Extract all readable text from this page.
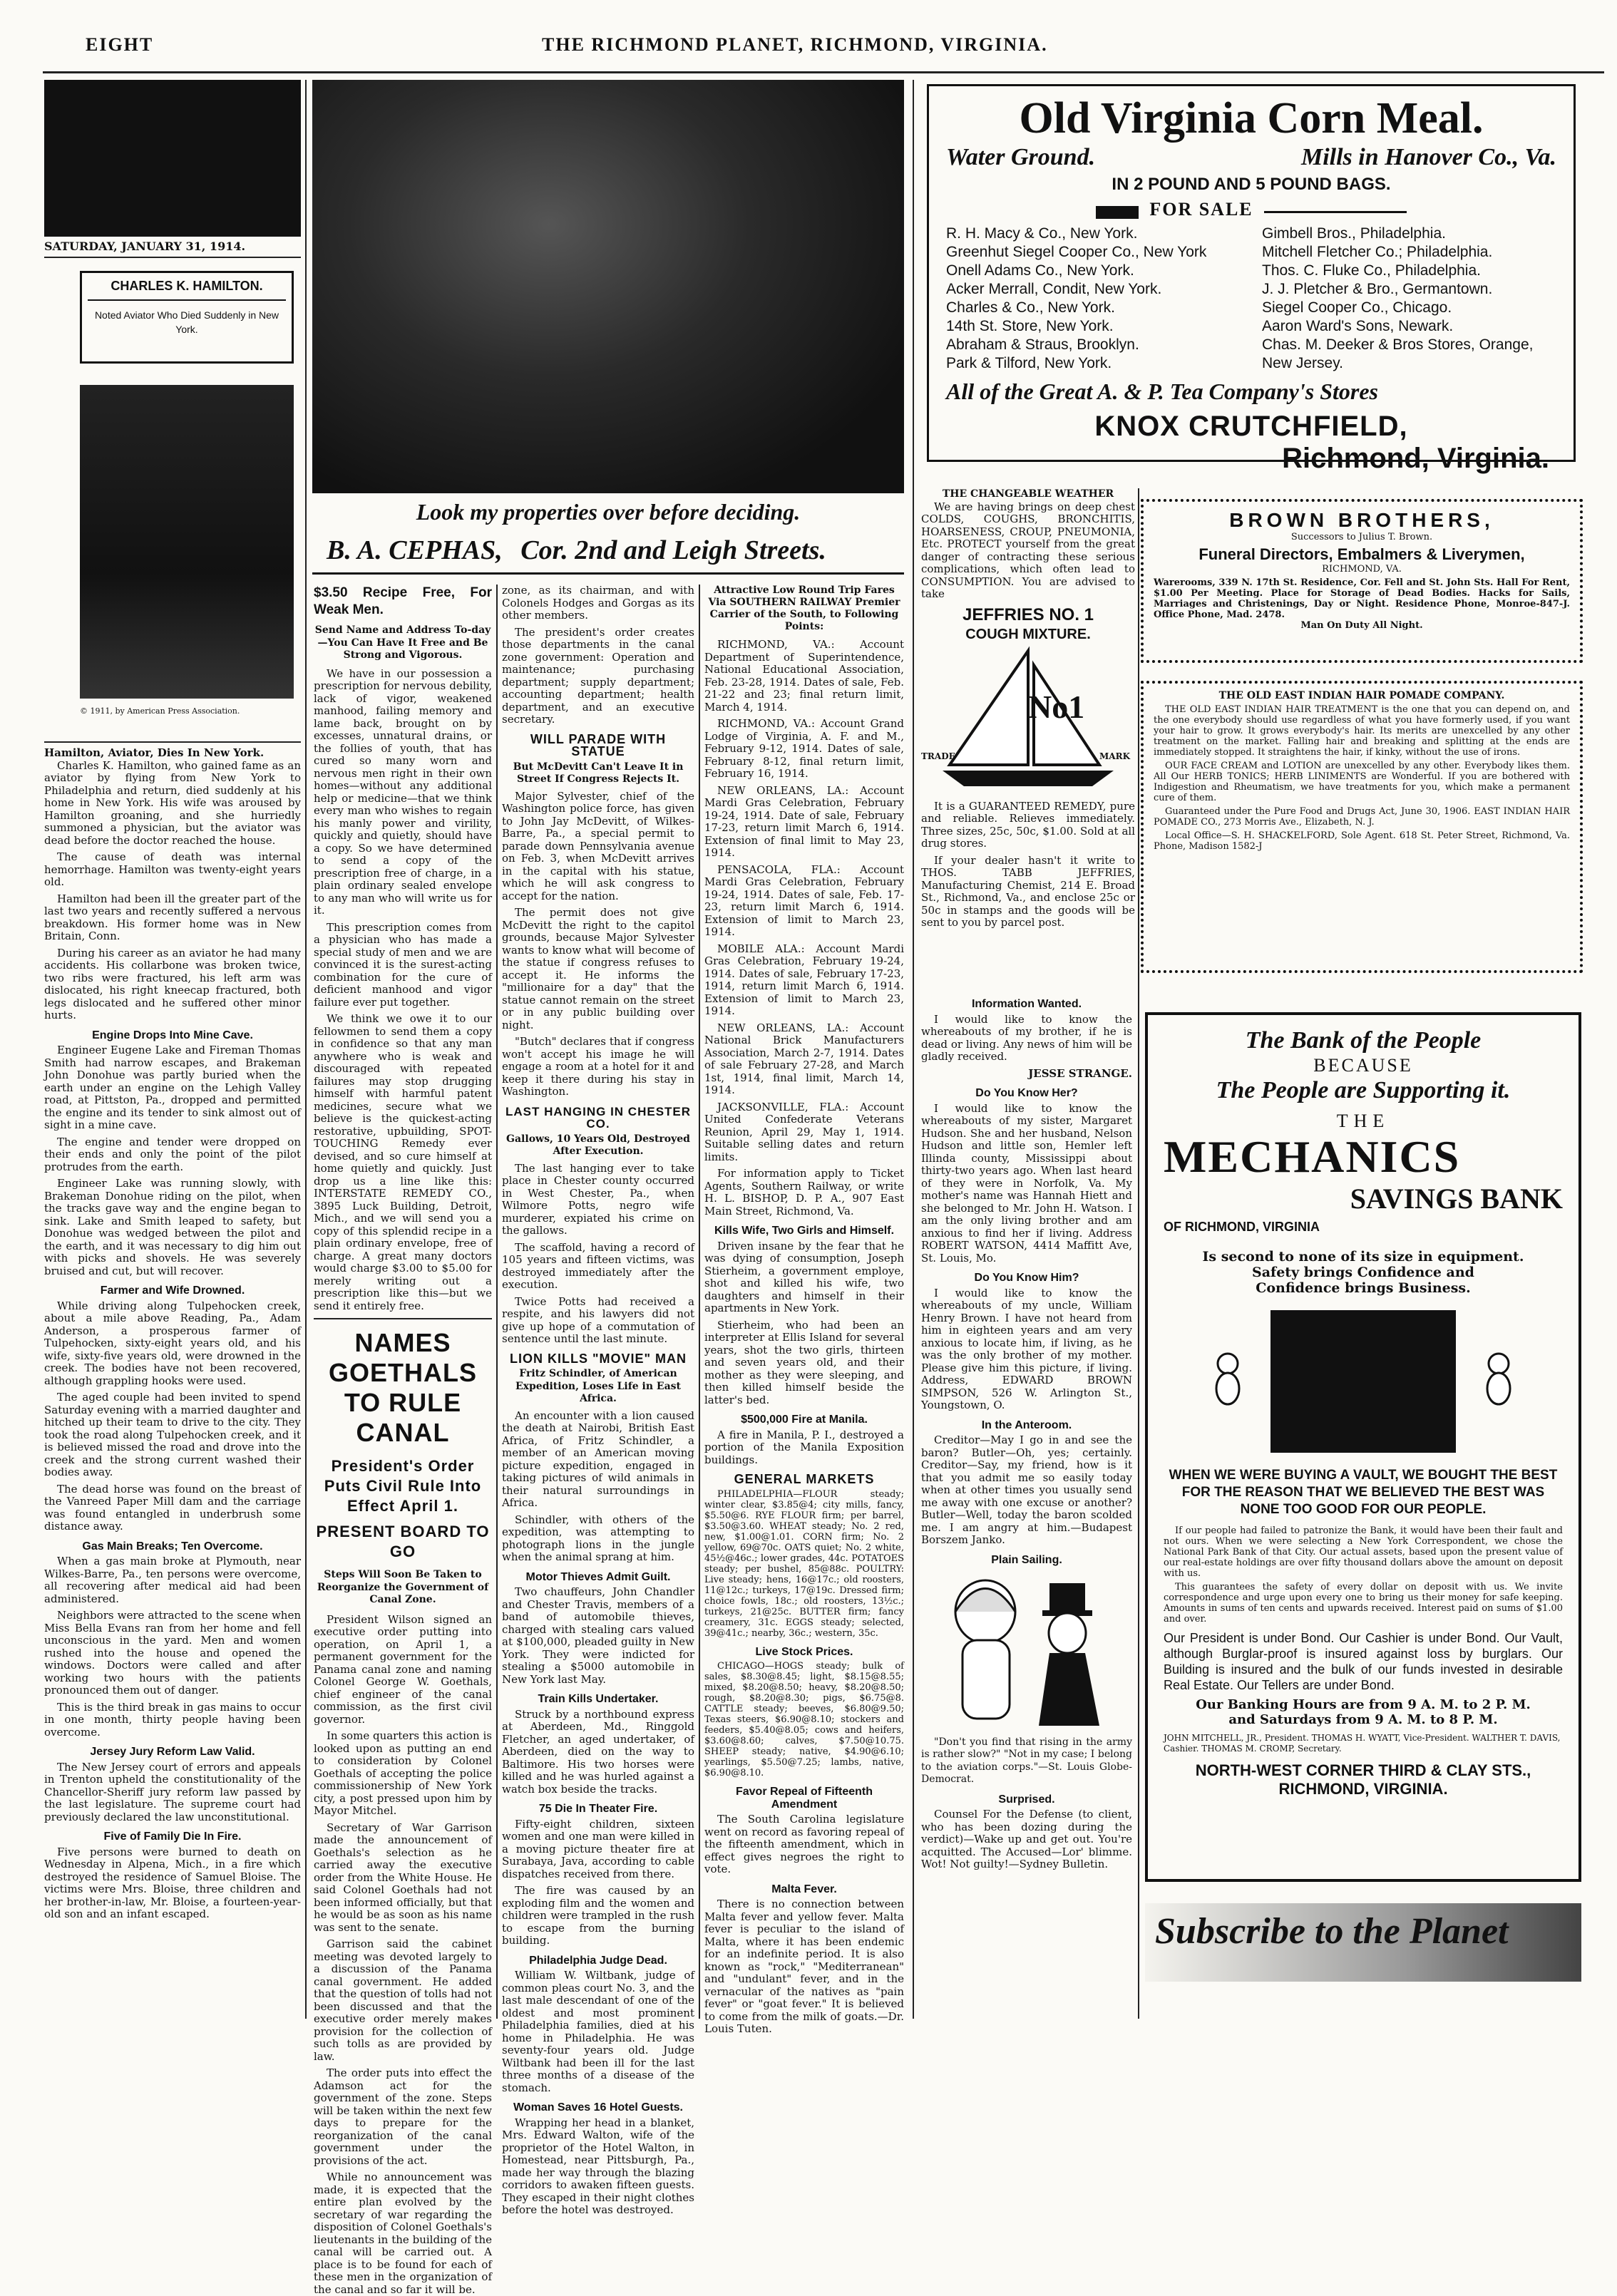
EIGHT	THE RICHMOND PLANET, RICHMOND, VIRGINIA.
SATURDAY, JANUARY 31, 1914.
CHARLES K. HAMILTON.
Noted Aviator Who Died Suddenly in New York.
© 1911, by American Press Association.
Hamilton, Aviator, Dies In New York.

Charles K. Hamilton, who gained fame as an aviator by flying from New York to Philadelphia and return, died suddenly at his home in New York. His wife was aroused by Hamilton groaning, and she hurriedly summoned a physician, but the aviator was dead before the doctor reached the house.

The cause of death was internal hemorrhage. Hamilton was twenty-eight years old.

Hamilton had been ill the greater part of the last two years and recently suffered a nervous breakdown. His former home was in New Britain, Conn.

During his career as an aviator he had many accidents. His collarbone was broken twice, two ribs were fractured, his left arm was dislocated, his right kneecap fractured, both legs dislocated and he suffered other minor hurts.

Engine Drops Into Mine Cave.

Engineer Eugene Lake and Fireman Thomas Smith had narrow escapes, and Brakeman John Donohue was partly buried when the earth under an engine on the Lehigh Valley road, at Pittston, Pa., dropped and permitted the engine and its tender to sink almost out of sight in a mine cave.

The engine and tender were dropped on their ends and only the point of the pilot protrudes from the earth.

Engineer Lake was running slowly, with Brakeman Donohue riding on the pilot, when the tracks gave way and the engine began to sink. Lake and Smith leaped to safety, but Donohue was wedged between the pilot and the earth, and it was necessary to dig him out with picks and shovels. He was severely bruised and cut, but will recover.

Farmer and Wife Drowned.

While driving along Tulpehocken creek, about a mile above Reading, Pa., Adam Anderson, a prosperous farmer of Tulpehocken, sixty-eight years old, and his wife, sixty-five years old, were drowned in the creek. The bodies have not been recovered, although grappling hooks were used.

The aged couple had been invited to spend Saturday evening with a married daughter and hitched up their team to drive to the city. They took the road along Tulpehocken creek, and it is believed missed the road and drove into the creek and the strong current washed their bodies away.

The dead horse was found on the breast of the Vanreed Paper Mill dam and the carriage was found entangled in underbrush some distance away.

Gas Main Breaks; Ten Overcome.

When a gas main broke at Plymouth, near Wilkes-Barre, Pa., ten persons were overcome, all recovering after medical aid had been administered.

Neighbors were attracted to the scene when Miss Bella Evans ran from her home and fell unconscious in the yard. Men and women rushed into the house and opened the windows. Doctors were called and after working two hours with the patients pronounced them out of danger.

This is the third break in gas mains to occur in one month, thirty people having been overcome.

Jersey Jury Reform Law Valid.

The New Jersey court of errors and appeals in Trenton upheld the constitutionality of the Chancellor-Sheriff jury reform law passed by the last legislature. The supreme court had previously declared the law unconstitutional.

Five of Family Die In Fire.

Five persons were burned to death on Wednesday in Alpena, Mich., in a fire which destroyed the residence of Samuel Bloise. The victims were Mrs. Bloise, three children and her brother-in-law, Mr. Bloise, a fourteen-year-old son and an infant escaped.

Look my properties over before deciding.
B. A. CEPHAS, Cor. 2nd and Leigh Streets.
$3.50 Recipe Free, For Weak Men.
Send Name and Address To-day—You Can Have It Free and Be Strong and Vigorous.

We have in our possession a prescription for nervous debility, lack of vigor, weakened manhood, failing memory and lame back, brought on by excesses, unnatural drains, or the follies of youth, that has cured so many worn and nervous men right in their own homes—without any additional help or medicine—that we think every man who wishes to regain his manly power and virility, quickly and quietly, should have a copy. So we have determined to send a copy of the prescription free of charge, in a plain ordinary sealed envelope to any man who will write us for it.

This prescription comes from a physician who has made a special study of men and we are convinced it is the surest-acting combination for the cure of deficient manhood and vigor failure ever put together.

We think we owe it to our fellowmen to send them a copy in confidence so that any man anywhere who is weak and discouraged with repeated failures may stop drugging himself with harmful patent medicines, secure what we believe is the quickest-acting restorative, upbuilding, SPOT-TOUCHING Remedy ever devised, and so cure himself at home quietly and quickly. Just drop us a line like this: INTERSTATE REMEDY CO., 3895 Luck Building, Detroit, Mich., and we will send you a copy of this splendid recipe in a plain ordinary envelope, free of charge. A great many doctors would charge $3.00 to $5.00 for merely writing out a prescription like this—but we send it entirely free.

NAMES GOETHALS TO RULE CANAL
President's Order Puts Civil Rule Into Effect April 1.
PRESENT BOARD TO GO
Steps Will Soon Be Taken to Reorganize the Government of Canal Zone.

President Wilson signed an executive order putting into operation, on April 1, a permanent government for the Panama canal zone and naming Colonel George W. Goethals, chief engineer of the canal commission, as the first civil governor.

In some quarters this action is looked upon as putting an end to consideration by Colonel Goethals of accepting the police commissionership of New York city, a post pressed upon him by Mayor Mitchel.

Secretary of War Garrison made the announcement of Goethals's selection as he carried away the executive order from the White House. He said Colonel Goethals had not been informed officially, but that he would be as soon as his name was sent to the senate.

Garrison said the cabinet meeting was devoted largely to a discussion of the Panama canal government. He added that the question of tolls had not been discussed and that the executive order merely makes provision for the collection of such tolls as are provided by law.

The order puts into effect the Adamson act for the government of the zone. Steps will be taken within the next few days to prepare for the reorganization of the canal government under the provisions of the act.

While no announcement was made, it is expected that the entire plan evolved by the secretary of war regarding the disposition of Colonel Goethals's lieutenants in the building of the canal will be carried out. A place is to be found for each of these men in the organization of the canal and so far it will be.

zone, as its chairman, and with Colonels Hodges and Gorgas as its other members.

The president's order creates those departments in the canal zone government: Operation and maintenance; purchasing department; supply department; accounting department; health department, and an executive secretary.

WILL PARADE WITH STATUE
But McDevitt Can't Leave It in Street If Congress Rejects It.

Major Sylvester, chief of the Washington police force, has given to John Jay McDevitt, of Wilkes-Barre, Pa., a special permit to parade down Pennsylvania avenue on Feb. 3, when McDevitt arrives in the capital with his statue, which he will ask congress to accept for the nation.

The permit does not give McDevitt the right to the capitol grounds, because Major Sylvester wants to know what will become of the statue if congress refuses to accept it. He informs the "millionaire for a day" that the statue cannot remain on the street or in any public building over night.

"Butch" declares that if congress won't accept his image he will engage a room at a hotel for it and keep it there during his stay in Washington.

LAST HANGING IN CHESTER CO.
Gallows, 10 Years Old, Destroyed After Execution.

The last hanging ever to take place in Chester county occurred in West Chester, Pa., when Wilmore Potts, negro wife murderer, expiated his crime on the gallows.

The scaffold, having a record of 105 years and fifteen victims, was destroyed immediately after the execution.

Twice Potts had received a respite, and his lawyers did not give up hope of a commutation of sentence until the last minute.

LION KILLS "MOVIE" MAN
Fritz Schindler, of American Expedition, Loses Life in East Africa.

An encounter with a lion caused the death at Nairobi, British East Africa, of Fritz Schindler, a member of an American moving picture expedition, engaged in taking pictures of wild animals in their natural surroundings in Africa.

Schindler, with others of the expedition, was attempting to photograph lions in the jungle when the animal sprang at him.

Motor Thieves Admit Guilt.

Two chauffeurs, John Chandler and Chester Travis, members of a band of automobile thieves, charged with stealing cars valued at $100,000, pleaded guilty in New York. They were indicted for stealing a $5000 automobile in New York last May.

Train Kills Undertaker.

Struck by a northbound express at Aberdeen, Md., Ringgold Fletcher, an aged undertaker, of Aberdeen, died on the way to Baltimore. His two horses were killed and he was hurled against a watch box beside the tracks.

75 Die In Theater Fire.

Fifty-eight children, sixteen women and one man were killed in a moving picture theater fire at Surabaya, Java, according to cable dispatches received from there.

The fire was caused by an exploding film and the women and children were trampled in the rush to escape from the burning building.

Philadelphia Judge Dead.

William W. Wiltbank, judge of common pleas court No. 3, and the last male descendant of one of the oldest and most prominent Philadelphia families, died at his home in Philadelphia. He was seventy-four years old. Judge Wiltbank had been ill for the last three months of a disease of the stomach.

Woman Saves 16 Hotel Guests.

Wrapping her head in a blanket, Mrs. Edward Walton, wife of the proprietor of the Hotel Walton, in Homestead, near Pittsburgh, Pa., made her way through the blazing corridors to awaken fifteen guests. They escaped in their night clothes before the hotel was destroyed.

Attractive Low Round Trip Fares Via SOUTHERN RAILWAY Premier Carrier of the South, to Following Points:

RICHMOND, VA.: Account Department of Superintendence, National Educational Association, Feb. 23-28, 1914. Dates of sale, Feb. 21-22 and 23; final return limit, March 4, 1914.

RICHMOND, VA.: Account Grand Lodge of Virginia, A. F. and M., February 9-12, 1914. Dates of sale, February 8-12, final return limit, February 16, 1914.

NEW ORLEANS, LA.: Account Mardi Gras Celebration, February 19-24, 1914. Date of sale, February 17-23, return limit March 6, 1914. Extension of final limit to May 23, 1914.

PENSACOLA, FLA.: Account Mardi Gras Celebration, February 19-24, 1914. Dates of sale, Feb. 17-23, return limit March 6, 1914. Extension of limit to March 23, 1914.

MOBILE ALA.: Account Mardi Gras Celebration, February 19-24, 1914. Dates of sale, February 17-23, 1914, return limit March 6, 1914. Extension of limit to March 23, 1914.

NEW ORLEANS, LA.: Account National Brick Manufacturers Association, March 2-7, 1914. Dates of sale February 27-28, and March 1st, 1914, final limit, March 14, 1914.

JACKSONVILLE, FLA.: Account United Confederate Veterans Reunion, April 29, May 1, 1914. Suitable selling dates and return limits.

For information apply to Ticket Agents, Southern Railway, or write H. L. BISHOP, D. P. A., 907 East Main Street, Richmond, Va.

Kills Wife, Two Girls and Himself.

Driven insane by the fear that he was dying of consumption, Joseph Stierheim, a government employe, shot and killed his wife, two daughters and himself in their apartments in New York.

Stierheim, who had been an interpreter at Ellis Island for several years, shot the two girls, thirteen and seven years old, and their mother as they were sleeping, and then killed himself beside the latter's bed.

$500,000 Fire at Manila.

A fire in Manila, P. I., destroyed a portion of the Manila Exposition buildings.

GENERAL MARKETS

PHILADELPHIA—FLOUR steady; winter clear, $3.85@4; city mills, fancy, $5.50@6. RYE FLOUR firm; per barrel, $3.50@3.60. WHEAT steady; No. 2 red, new, $1.00@1.01. CORN firm; No. 2 yellow, 69@70c. OATS quiet; No. 2 white, 45½@46c.; lower grades, 44c. POTATOES steady; per bushel, 85@88c. POULTRY: Live steady; hens, 16@17c.; old roosters, 11@12c.; turkeys, 17@19c. Dressed firm; choice fowls, 18c.; old roosters, 13½c.; turkeys, 21@25c. BUTTER firm; fancy creamery, 31c. EGGS steady; selected, 39@41c.; nearby, 36c.; western, 35c.

Live Stock Prices.

CHICAGO—HOGS steady; bulk of sales, $8.30@8.45; light, $8.15@8.55; mixed, $8.20@8.50; heavy, $8.20@8.50; rough, $8.20@8.30; pigs, $6.75@8. CATTLE steady; beeves, $6.80@9.50; Texas steers, $6.90@8.10; stockers and feeders, $5.40@8.05; cows and heifers, $3.60@8.60; calves, $7.50@10.75. SHEEP steady; native, $4.90@6.10; yearlings, $5.50@7.25; lambs, native, $6.90@8.10.

Favor Repeal of Fifteenth Amendment

The South Carolina legislature went on record as favoring repeal of the fifteenth amendment, which in effect gives negroes the right to vote.

Malta Fever.

There is no connection between Malta fever and yellow fever. Malta fever is peculiar to the island of Malta, where it has been endemic for an indefinite period. It is also known as "rock," "Mediterranean" and "undulant" fever, and in the vernacular of the natives as "pain fever" or "goat fever." It is believed to come from the milk of goats.—Dr. Louis Tuten.

Old Virginia Corn Meal.
Water Ground.	Mills in Hanover Co., Va.
IN 2 POUND AND 5 POUND BAGS.
FOR SALE
R. H. Macy & Co., New York.
Greenhut Siegel Cooper Co., New York
Onell Adams Co., New York.
Acker Merrall, Condit, New York.
Charles & Co., New York.
14th St. Store, New York.
Abraham & Straus, Brooklyn.
Park & Tilford, New York.
Gimbell Bros., Philadelphia.
Mitchell Fletcher Co.; Philadelphia.
Thos. C. Fluke Co., Philadelphia.
J. J. Pletcher & Bro., Germantown.
Siegel Cooper Co., Chicago.
Aaron Ward's Sons, Newark.
Chas. M. Deeker & Bros Stores, Orange, New Jersey.
All of the Great A. & P. Tea Company's Stores
KNOX CRUTCHFIELD,
Richmond, Virginia.
THE CHANGEABLE WEATHER

We are having brings on deep chest COLDS, COUGHS, BRONCHITIS, HOARSENESS, CROUP, PNEUMONIA, Etc. PROTECT yourself from the great danger of contracting these serious complications, which often lead to CONSUMPTION. You are advised to take

JEFFRIES NO. 1
COUGH MIXTURE.
No1
TRADE	MARK

It is a GUARANTEED REMEDY, pure and reliable. Relieves immediately. Three sizes, 25c, 50c, $1.00. Sold at all drug stores.

If your dealer hasn't it write to THOS. TABB JEFFRIES, Manufacturing Chemist, 214 E. Broad St., Richmond, Va., and enclose 25c or 50c in stamps and the goods will be sent to you by parcel post.

BROWN BROTHERS,
Successors to Julius T. Brown.
Funeral Directors, Embalmers & Liverymen,
RICHMOND, VA.
Warerooms, 339 N. 17th St. Residence, Cor. Fell and St. John Sts. Hall For Rent, $1.00 Per Meeting. Place for Storage of Dead Bodies. Hacks for Sails, Marriages and Christenings, Day or Night. Residence Phone, Monroe-847-J. Office Phone, Mad. 2478.
Man On Duty All Night.
THE OLD EAST INDIAN HAIR POMADE COMPANY.
THE OLD EAST INDIAN HAIR TREATMENT is the one that you can depend on, and the one everybody should use regardless of what you have formerly used, if you want your hair to grow. It grows everybody's hair. Its merits are unexcelled by any other treatment on the market. Falling hair and breaking and splitting at the ends are immediately stopped. It straightens the hair, if kinky, without the use of irons.
OUR FACE CREAM and LOTION are unexcelled by any other. Everybody likes them. All Our HERB TONICS; HERB LINIMENTS are Wonderful. If you are bothered with Indigestion and Rheumatism, we have treatments for you, which make a permanent cure of them.
Guaranteed under the Pure Food and Drugs Act, June 30, 1906. EAST INDIAN HAIR POMADE CO., 273 Morris Ave., Elizabeth, N. J.
Local Office—S. H. SHACKELFORD, Sole Agent. 618 St. Peter Street, Richmond, Va. Phone, Madison 1582-J
Information Wanted.

I would like to know the whereabouts of my brother, if he is dead or living. Any news of him will be gladly received.

JESSE STRANGE.
Do You Know Her?

I would like to know the whereabouts of my sister, Margaret Hudson. She and her husband, Nelson Hudson and little son, Hemler left Illinda county, Mississippi about thirty-two years ago. When last heard of they were in Norfolk, Va. My mother's name was Hannah Hiett and she belonged to Mr. John H. Watson. I am the only living brother and am anxious to find her if living. Address ROBERT WATSON, 4414 Maffitt Ave, St. Louis, Mo.

Do You Know Him?

I would like to know the whereabouts of my uncle, William Henry Brown. I have not heard from him in eighteen years and am very anxious to locate him, if living, as he was the only brother of my mother. Please give him this picture, if living. Address, EDWARD BROWN SIMPSON, 526 W. Arlington St., Youngstown, O.

In the Anteroom.

Creditor—May I go in and see the baron? Butler—Oh, yes; certainly. Creditor—Say, my friend, how is it that you admit me so easily today when at other times you usually send me away with one excuse or another? Butler—Well, today the baron scolded me. I am angry at him.—Budapest Borszem Janko.

Plain Sailing.

"Don't you find that rising in the army is rather slow?" "Not in my case; I belong to the aviation corps."—St. Louis Globe-Democrat.

Surprised.

Counsel For the Defense (to client, who has been dozing during the verdict)—Wake up and get out. You're acquitted. The Accused—Lor' blimme. Wot! Not guilty!—Sydney Bulletin.

The Bank of the People
BECAUSE
The People are Supporting it.
THE
MECHANICS
SAVINGS BANK
OF RICHMOND, VIRGINIA
Is second to none of its size in equipment.
Safety brings Confidence and
Confidence brings Business.
WHEN WE WERE BUYING A VAULT, WE BOUGHT THE BEST FOR THE REASON THAT WE BELIEVED THE BEST WAS NONE TOO GOOD FOR OUR PEOPLE.
If our people had failed to patronize the Bank, it would have been their fault and not ours. When we were selecting a New York Correspondent, we chose the National Park Bank of that City. Our actual assets, based upon the present value of our real-estate holdings are over fifty thousand dollars above the amount on deposit with us.
This guarantees the safety of every dollar on deposit with us. We invite correspondence and urge upon every one to bring us their money for safe keeping. Amounts in sums of ten cents and upwards received. Interest paid on sums of $1.00 and over.
Our President is under Bond. Our Cashier is under Bond. Our Vault, although Burglar-proof is insured against loss by burglars. Our Building is insured and the bulk of our funds invested in desirable Real Estate. Our Tellers are under Bond.
Our Banking Hours are from 9 A. M. to 2 P. M.
and Saturdays from 9 A. M. to 8 P. M.
JOHN MITCHELL, JR., President. THOMAS H. WYATT, Vice-President. WALTHER T. DAVIS, Cashier. THOMAS M. CROMP, Secretary.
NORTH-WEST CORNER THIRD & CLAY STS.,
RICHMOND, VIRGINIA.
Subscribe to the Planet
